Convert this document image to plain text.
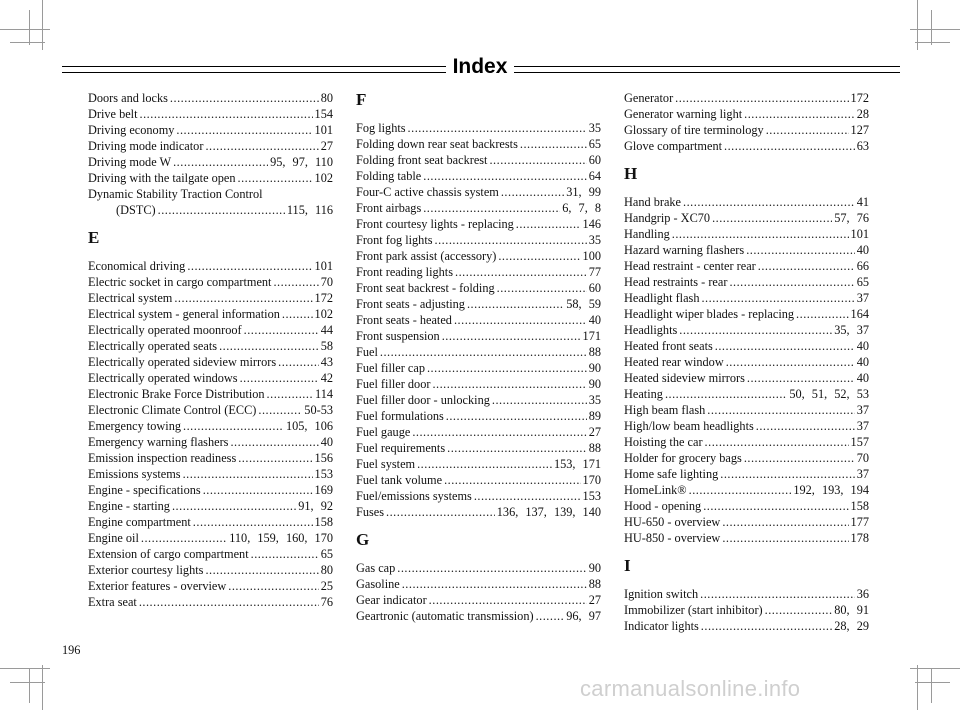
Index
Doors and locks .....	80
Drive belt .....	154
Driving economy .....	101
Driving mode indicator .....	27
Driving mode W .....	95, 97, 110
Driving with the tailgate open .....	102
Dynamic Stability Traction Control
(DSTC) .....	115, 116
E
Economical driving .....	101
Electric socket in cargo compartment .....	70
Electrical system .....	172
Electrical system - general information .....	102
Electrically operated moonroof .....	44
Electrically operated seats .....	58
Electrically operated sideview mirrors .....	43
Electrically operated windows .....	42
Electronic Brake Force Distribution .....	114
Electronic Climate Control (ECC) .....	50-53
Emergency towing .....	105, 106
Emergency warning flashers .....	40
Emission inspection readiness .....	156
Emissions systems .....	153
Engine - specifications .....	169
Engine - starting .....	91, 92
Engine compartment .....	158
Engine oil .....	110, 159, 160, 170
Extension of cargo compartment .....	65
Exterior courtesy lights .....	80
Exterior features - overview .....	25
Extra seat .....	76
F
Fog lights .....	35
Folding down rear seat backrests .....	65
Folding front seat backrest .....	60
Folding table .....	64
Four-C active chassis system .....	31, 99
Front airbags .....	6, 7, 8
Front courtesy lights - replacing .....	146
Front fog lights .....	35
Front park assist (accessory) .....	100
Front reading lights .....	77
Front seat backrest - folding .....	60
Front seats - adjusting .....	58, 59
Front seats - heated .....	40
Front suspension .....	171
Fuel .....	88
Fuel filler cap .....	90
Fuel filler door .....	90
Fuel filler door - unlocking .....	35
Fuel formulations .....	89
Fuel gauge .....	27
Fuel requirements .....	88
Fuel system .....	153, 171
Fuel tank volume .....	170
Fuel/emissions systems .....	153
Fuses .....	136, 137, 139, 140
G
Gas cap .....	90
Gasoline .....	88
Gear indicator .....	27
Geartronic (automatic transmission) .....	96, 97
Generator .....	172
Generator warning light .....	28
Glossary of tire terminology .....	127
Glove compartment .....	63
H
Hand brake .....	41
Handgrip - XC70 .....	57, 76
Handling .....	101
Hazard warning flashers .....	40
Head restraint - center rear .....	66
Head restraints - rear .....	65
Headlight flash .....	37
Headlight wiper blades - replacing .....	164
Headlights .....	35, 37
Heated front seats .....	40
Heated rear window .....	40
Heated sideview mirrors .....	40
Heating .....	50, 51, 52, 53
High beam flash .....	37
High/low beam headlights .....	37
Hoisting the car .....	157
Holder for grocery bags .....	70
Home safe lighting .....	37
HomeLink® .....	192, 193, 194
Hood - opening .....	158
HU-650 - overview .....	177
HU-850 - overview .....	178
I
Ignition switch .....	36
Immobilizer (start inhibitor) .....	80, 91
Indicator lights .....	28, 29
196
carmanualsonline.info
